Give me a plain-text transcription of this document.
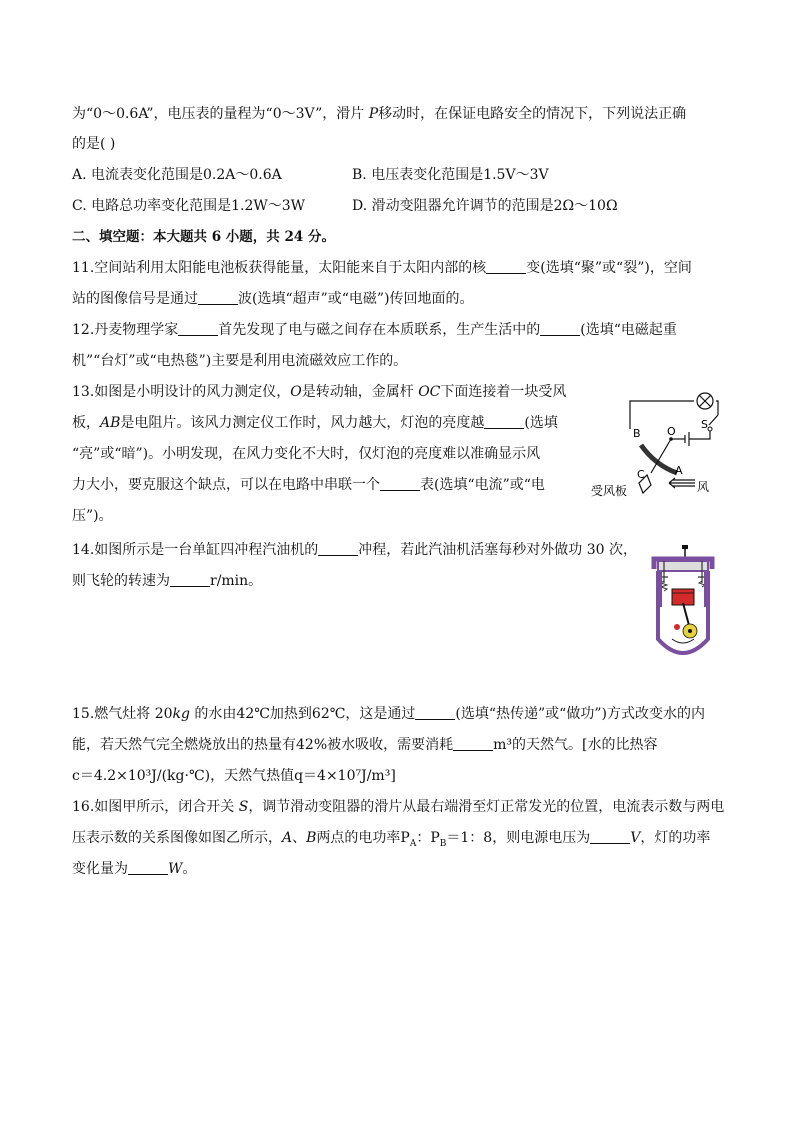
为“0～0.6A”，电压表的量程为“0～3V”，滑片 P移动时，在保证电路安全的情况下，下列说法正确
的是( )
A. 电流表变化范围是0.2A～0.6A	B. 电压表变化范围是1.5V～3V
C. 电路总功率变化范围是1.2W～3W	D. 滑动变阻器允许调节的范围是2Ω～10Ω
二、填空题：本大题共 6 小题，共 24 分。
11.空间站利用太阳能电池板获得能量，太阳能来自于太阳内部的核	变(选填“聚”或“裂”)，空间
站的图像信号是通过	波(选填“超声”或“电磁”)传回地面的。
12.丹麦物理学家	首先发现了电与磁之间存在本质联系，生产生活中的	(选填“电磁起重
机”“台灯”或“电热毯”)主要是利用电流磁效应工作的。
13.如图是小明设计的风力测定仪，O是转动轴，金属杆 OC下面连接着一块受风
板，AB是电阻片。该风力测定仪工作时，风力越大，灯泡的亮度越	(选填
“亮”或“暗”)。小明发现，在风力变化不大时，仅灯泡的亮度难以准确显示风
力大小，要克服这个缺点，可以在电路中串联一个	表(选填“电流”或“电
压”)。
B O
S
C	A
受风板	风
14.如图所示是一台单缸四冲程汽油机的	冲程，若此汽油机活塞每秒对外做功 30 次，
则飞轮的转速为	r/min。
15.燃气灶将 20kg 的水由42℃加热到62℃，这是通过	(选填“热传递”或“做功”)方式改变水的内
能，若天然气完全燃烧放出的热量有42%被水吸收，需要消耗	m³的天然气。[水的比热容
c＝4.2×10³J/(kg·℃)，天然气热值q＝4×10⁷J/m³]
16.如图甲所示，闭合开关 S，调节滑动变阻器的滑片从最右端滑至灯正常发光的位置，电流表示数与两电
压表示数的关系图像如图乙所示，A、B两点的电功率$P_A$：$P_B=1$：8，则电源电压为	V，灯的功率
变化量为	W。
